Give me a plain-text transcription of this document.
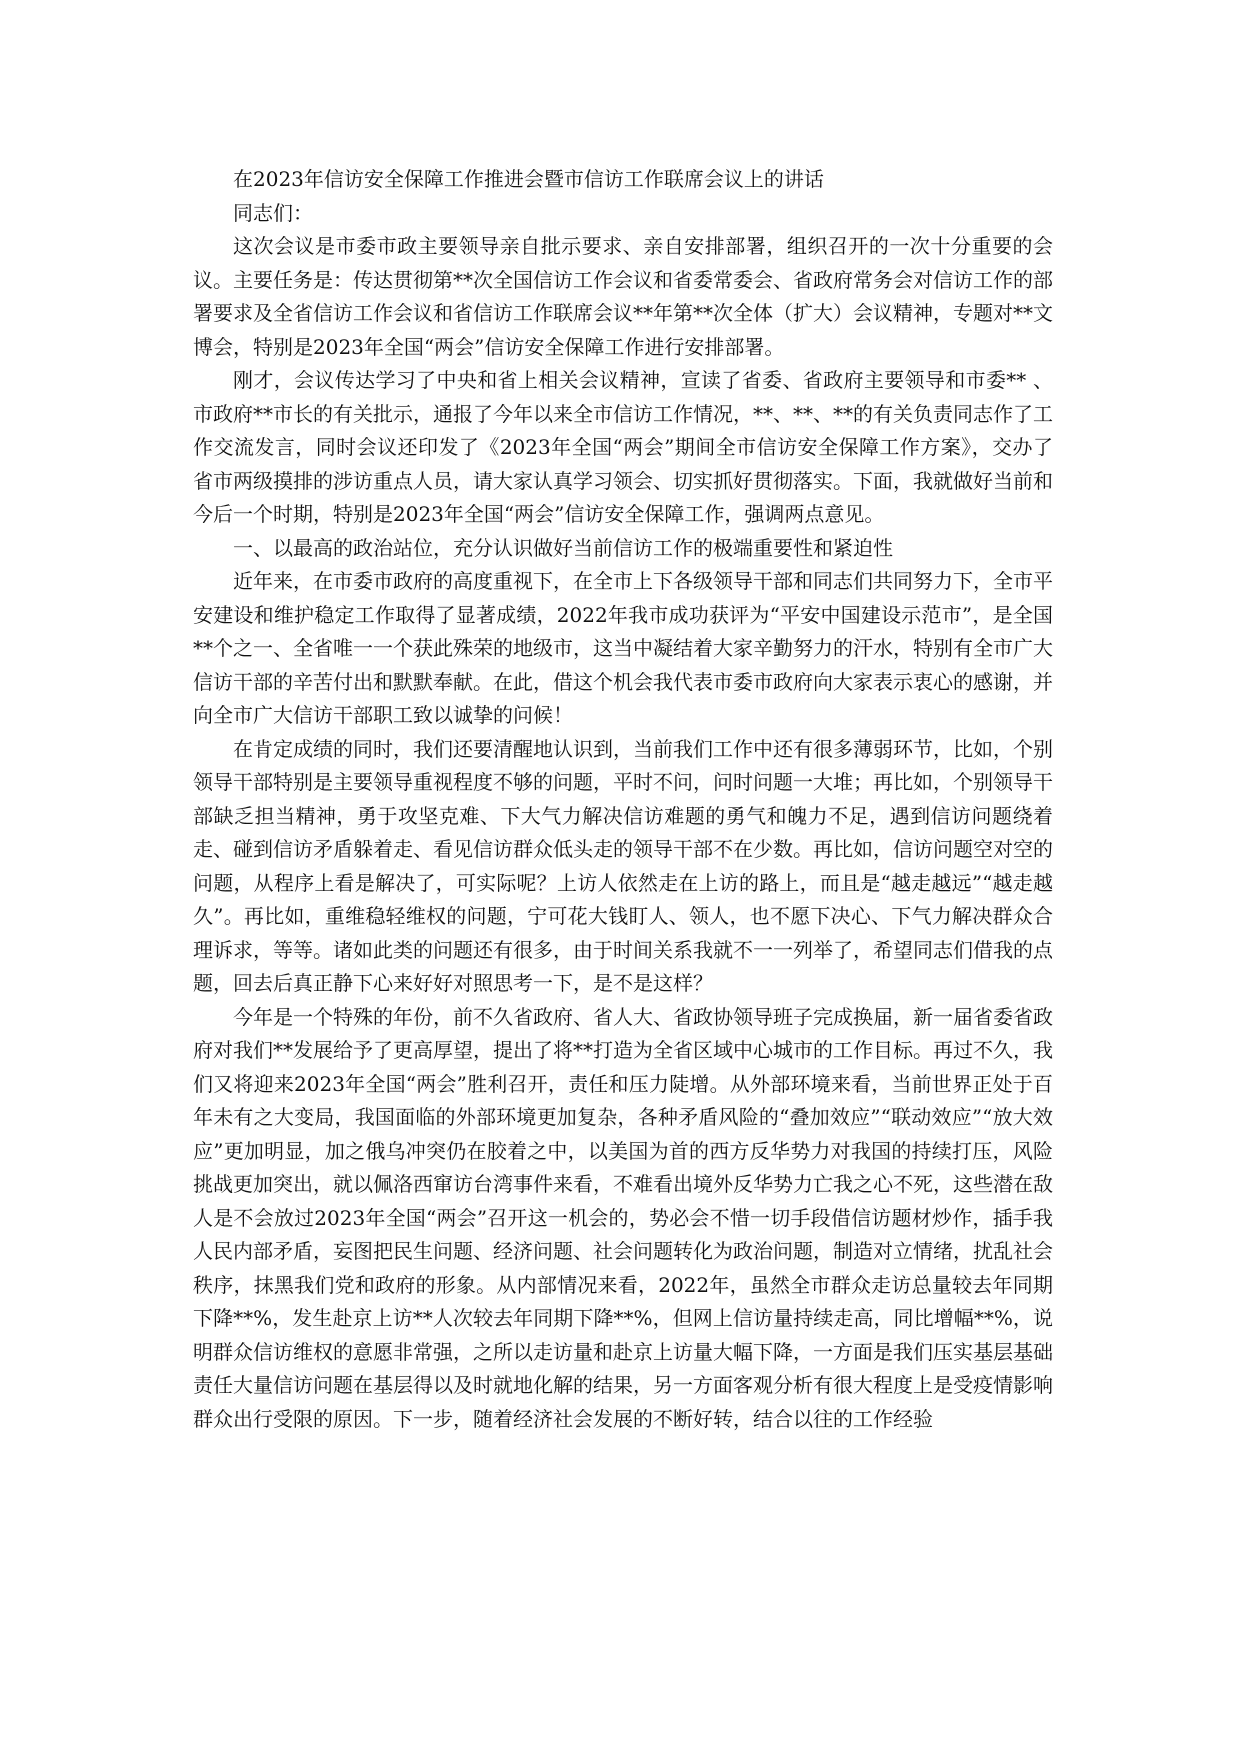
在2023年信访安全保障工作推进会暨市信访工作联席会议上的讲话

同志们：

这次会议是市委市政主要领导亲自批示要求、亲自安排部署，组织召开的一次十分重要的会议。主要任务是：传达贯彻第**次全国信访工作会议和省委常委会、省政府常务会对信访工作的部署要求及全省信访工作会议和省信访工作联席会议**年第**次全体（扩大）会议精神，专题对**文博会，特别是2023年全国“两会”信访安全保障工作进行安排部署。

刚才，会议传达学习了中央和省上相关会议精神，宣读了省委、省政府主要领导和市委** 、市政府**市长的有关批示，通报了今年以来全市信访工作情况，**、**、**的有关负责同志作了工作交流发言，同时会议还印发了《2023年全国“两会”期间全市信访安全保障工作方案》，交办了省市两级摸排的涉访重点人员，请大家认真学习领会、切实抓好贯彻落实。下面，我就做好当前和今后一个时期，特别是2023年全国“两会”信访安全保障工作，强调两点意见。

一、以最高的政治站位，充分认识做好当前信访工作的极端重要性和紧迫性

近年来，在市委市政府的高度重视下，在全市上下各级领导干部和同志们共同努力下，全市平安建设和维护稳定工作取得了显著成绩，2022年我市成功获评为“平安中国建设示范市”，是全国**个之一、全省唯一一个获此殊荣的地级市，这当中凝结着大家辛勤努力的汗水，特别有全市广大信访干部的辛苦付出和默默奉献。在此，借这个机会我代表市委市政府向大家表示衷心的感谢，并向全市广大信访干部职工致以诚挚的问候！

在肯定成绩的同时，我们还要清醒地认识到，当前我们工作中还有很多薄弱环节，比如，个别领导干部特别是主要领导重视程度不够的问题，平时不问，问时问题一大堆；再比如，个别领导干部缺乏担当精神，勇于攻坚克难、下大气力解决信访难题的勇气和魄力不足，遇到信访问题绕着走、碰到信访矛盾躲着走、看见信访群众低头走的领导干部不在少数。再比如，信访问题空对空的问题，从程序上看是解决了，可实际呢？上访人依然走在上访的路上，而且是“越走越远”“越走越久”。再比如，重维稳轻维权的问题，宁可花大钱盯人、领人，也不愿下决心、下气力解决群众合理诉求，等等。诸如此类的问题还有很多，由于时间关系我就不一一列举了，希望同志们借我的点题，回去后真正静下心来好好对照思考一下，是不是这样？

今年是一个特殊的年份，前不久省政府、省人大、省政协领导班子完成换届，新一届省委省政府对我们**发展给予了更高厚望，提出了将**打造为全省区域中心城市的工作目标。再过不久，我们又将迎来2023年全国“两会”胜利召开，责任和压力陡增。从外部环境来看，当前世界正处于百年未有之大变局，我国面临的外部环境更加复杂，各种矛盾风险的“叠加效应”“联动效应”“放大效应”更加明显，加之俄乌冲突仍在胶着之中，以美国为首的西方反华势力对我国的持续打压，风险挑战更加突出，就以佩洛西窜访台湾事件来看，不难看出境外反华势力亡我之心不死，这些潜在敌人是不会放过2023年全国“两会”召开这一机会的，势必会不惜一切手段借信访题材炒作，插手我人民内部矛盾，妄图把民生问题、经济问题、社会问题转化为政治问题，制造对立情绪，扰乱社会秩序，抹黑我们党和政府的形象。从内部情况来看，2022年，虽然全市群众走访总量较去年同期下降**%，发生赴京上访**人次较去年同期下降**%，但网上信访量持续走高，同比增幅**%，说明群众信访维权的意愿非常强，之所以走访量和赴京上访量大幅下降，一方面是我们压实基层基础责任大量信访问题在基层得以及时就地化解的结果，另一方面客观分析有很大程度上是受疫情影响群众出行受限的原因。下一步，随着经济社会发展的不断好转，结合以往的工作经验
